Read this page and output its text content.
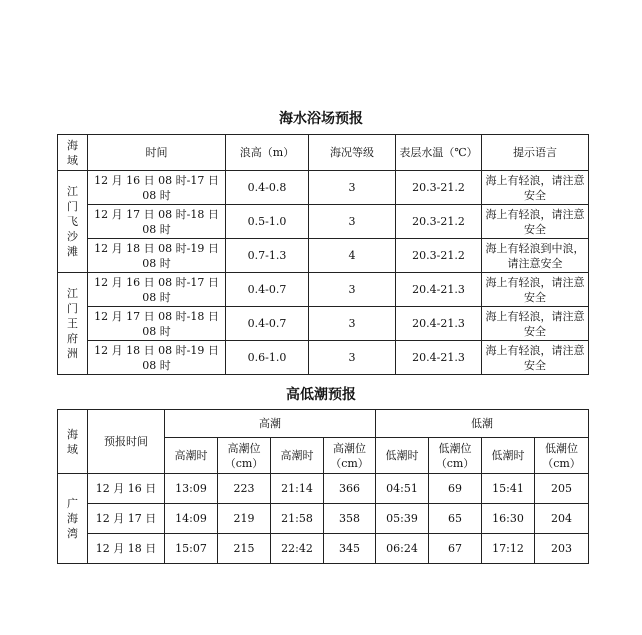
海水浴场预报
海域	时间	浪高（m）	海况等级	表层水温（℃）	提示语言
江门飞沙滩	12 月 16 日 08 时-17 日 08 时	0.4-0.8	3	20.3-21.2	海上有轻浪，请注意安全
	12 月 17 日 08 时-18 日 08 时	0.5-1.0	3	20.3-21.2	海上有轻浪，请注意安全
	12 月 18 日 08 时-19 日 08 时	0.7-1.3	4	20.3-21.2	海上有轻浪到中浪，请注意安全
江门王府洲	12 月 16 日 08 时-17 日 08 时	0.4-0.7	3	20.4-21.3	海上有轻浪，请注意安全
	12 月 17 日 08 时-18 日 08 时	0.4-0.7	3	20.4-21.3	海上有轻浪，请注意安全
	12 月 18 日 08 时-19 日 08 时	0.6-1.0	3	20.4-21.3	海上有轻浪，请注意安全
高低潮预报
海域	预报时间	高潮				低潮			
		高潮时	高潮位（cm）	高潮时	高潮位（cm）	低潮时	低潮位（cm）	低潮时	低潮位（cm）
广海湾	12 月 16 日	13:09	223	21:14	366	04:51	69	15:41	205
	12 月 17 日	14:09	219	21:58	358	05:39	65	16:30	204
	12 月 18 日	15:07	215	22:42	345	06:24	67	17:12	203
